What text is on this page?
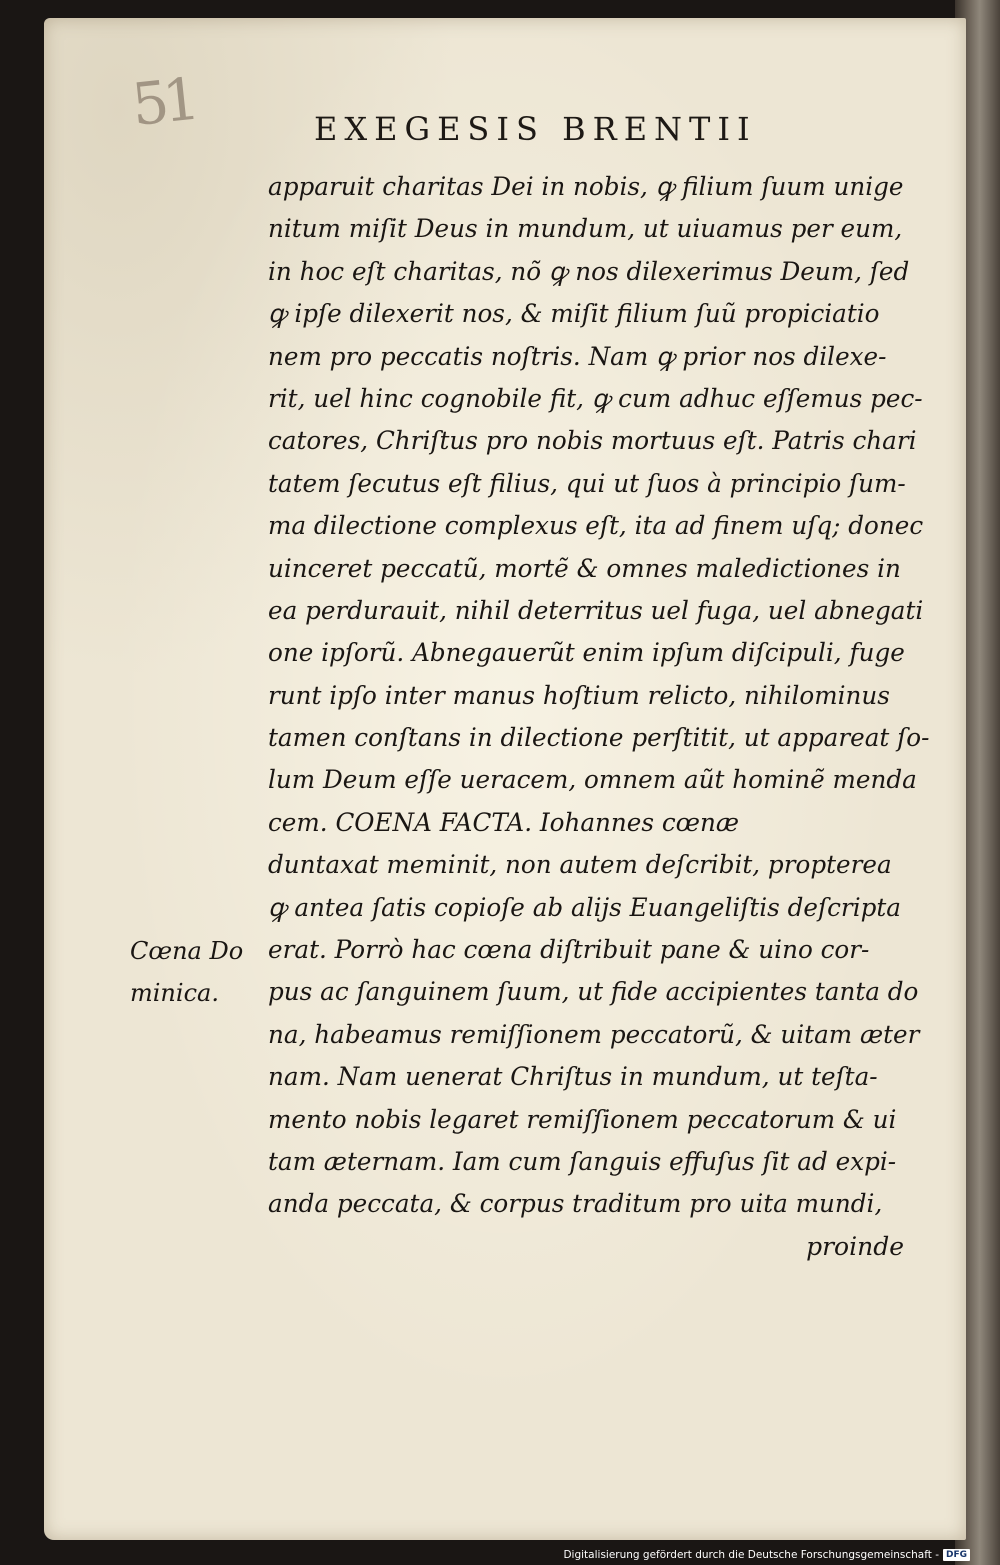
51	EXEGESIS BRENTII
Cœna Do
minica.
apparuit charitas Dei in nobis, ꝙ filium ſuum unige
nitum miſit Deus in mundum, ut uiuamus per eum,
in hoc eſt charitas, nõ ꝙ nos dilexerimus Deum, ſed
ꝙ ipſe dilexerit nos, & miſit filium ſuũ propiciatio
nem pro peccatis noſtris. Nam ꝙ prior nos dilexe-
rit, uel hinc cognobile fit, ꝙ cum adhuc eſſemus pec-
catores, Chriſtus pro nobis mortuus eſt. Patris chari
tatem ſecutus eſt filius, qui ut ſuos à principio ſum-
ma dilectione complexus eſt, ita ad finem uſq; donec
uinceret peccatũ, mortẽ & omnes maledictiones in
ea perdurauit, nihil deterritus uel fuga, uel abnegati
one ipſorũ. Abnegauerũt enim ipſum diſcipuli, fuge
runt ipſo inter manus hoſtium relicto, nihilominus
tamen conſtans in dilectione perſtitit, ut appareat ſo-
lum Deum eſſe ueracem, omnem aũt hominẽ menda
cem. COENA FACTA. Iohannes cœnæ
duntaxat meminit, non autem deſcribit, propterea
ꝙ antea ſatis copioſe ab alijs Euangeliſtis deſcripta
erat. Porrò hac cœna diſtribuit pane & uino cor-
pus ac ſanguinem ſuum, ut fide accipientes tanta do
na, habeamus remiſſionem peccatorũ, & uitam æter
nam. Nam uenerat Chriſtus in mundum, ut teſta-
mento nobis legaret remiſſionem peccatorum & ui
tam æternam. Iam cum ſanguis effuſus ſit ad expi-
anda peccata, & corpus traditum pro uita mundi,
proinde
Digitalisierung gefördert durch die Deutsche Forschungsgemeinschaft - DFG
